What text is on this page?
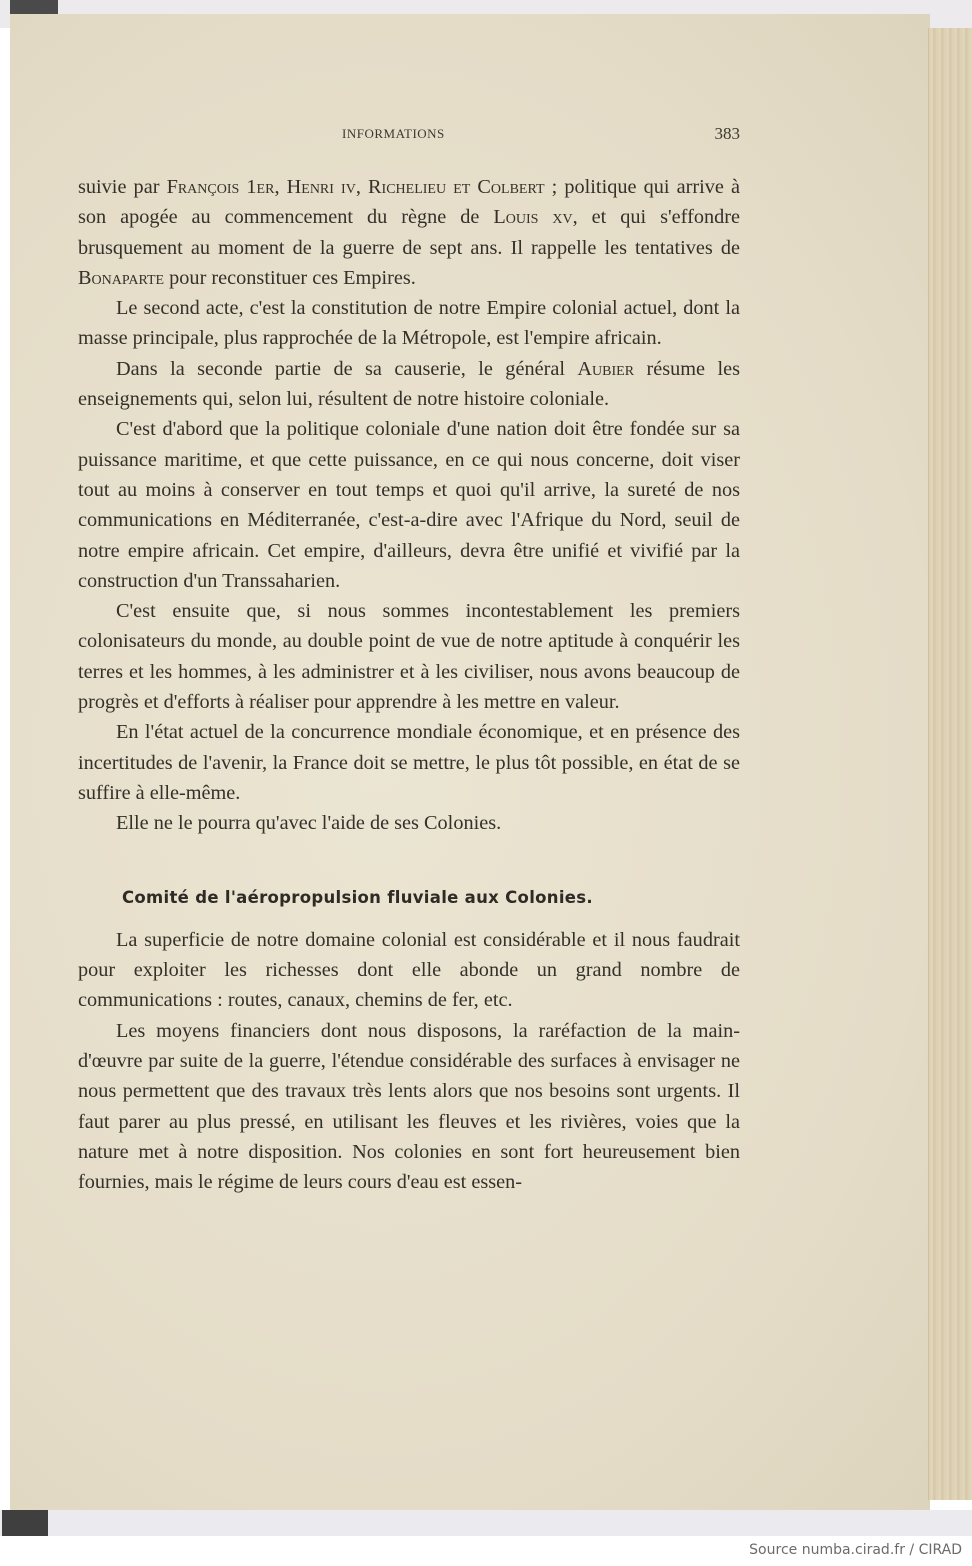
INFORMATIONS	383

suivie par François 1er, Henri iv, Richelieu et Colbert ; politique qui arrive à son apogée au commencement du règne de Louis xv, et qui s'effondre brusquement au moment de la guerre de sept ans. Il rappelle les tentatives de Bonaparte pour reconstituer ces Empires.

Le second acte, c'est la constitution de notre Empire colonial actuel, dont la masse principale, plus rapprochée de la Métropole, est l'empire africain.

Dans la seconde partie de sa causerie, le général Aubier résume les enseignements qui, selon lui, résultent de notre histoire coloniale.

C'est d'abord que la politique coloniale d'une nation doit être fondée sur sa puissance maritime, et que cette puissance, en ce qui nous concerne, doit viser tout au moins à conserver en tout temps et quoi qu'il arrive, la sureté de nos communications en Méditerranée, c'est-a-dire avec l'Afrique du Nord, seuil de notre empire africain. Cet empire, d'ailleurs, devra être unifié et vivifié par la construction d'un Transsaharien.

C'est ensuite que, si nous sommes incontestablement les premiers colonisateurs du monde, au double point de vue de notre aptitude à conquérir les terres et les hommes, à les administrer et à les civiliser, nous avons beaucoup de progrès et d'efforts à réaliser pour apprendre à les mettre en valeur.

En l'état actuel de la concurrence mondiale économique, et en présence des incertitudes de l'avenir, la France doit se mettre, le plus tôt possible, en état de se suffire à elle-même.

Elle ne le pourra qu'avec l'aide de ses Colonies.

Comité de l'aéropropulsion fluviale aux Colonies.

La superficie de notre domaine colonial est considérable et il nous faudrait pour exploiter les richesses dont elle abonde un grand nombre de communications : routes, canaux, chemins de fer, etc.

Les moyens financiers dont nous disposons, la raréfaction de la main-d'œuvre par suite de la guerre, l'étendue considérable des surfaces à envisager ne nous permettent que des travaux très lents alors que nos besoins sont urgents. Il faut parer au plus pressé, en utilisant les fleuves et les rivières, voies que la nature met à notre disposition. Nos colonies en sont fort heureusement bien fournies, mais le régime de leurs cours d'eau est essen-

Source numba.cirad.fr / CIRAD
